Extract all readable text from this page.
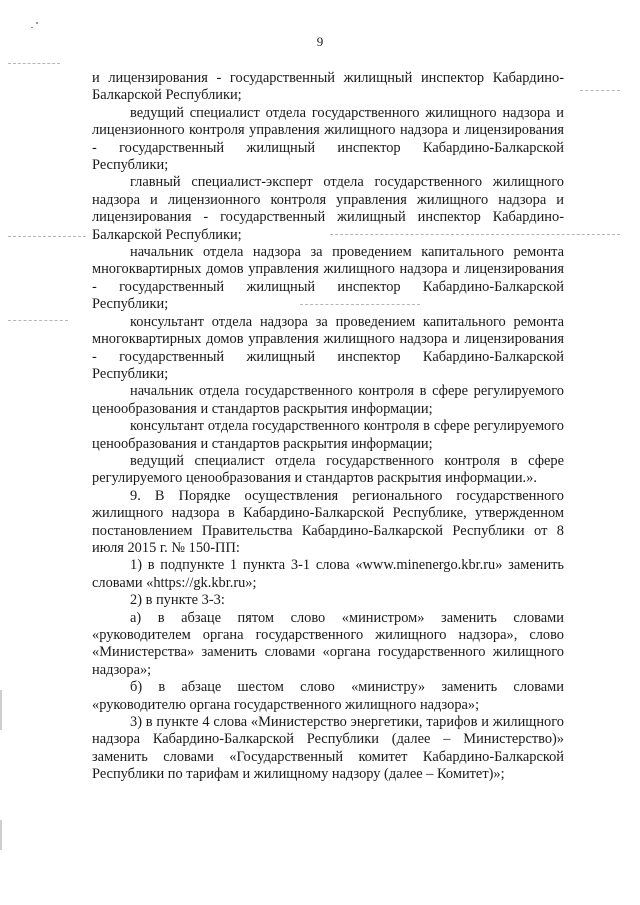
9

и лицензирования - государственный жилищный инспектор Кабардино-Балкарской Республики;

ведущий специалист отдела государственного жилищного надзора и лицензионного контроля управления жилищного надзора и лицензирования - государственный жилищный инспектор Кабардино-Балкарской Республики;

главный специалист-эксперт отдела государственного жилищного надзора и лицензионного контроля управления жилищного надзора и лицензирования - государственный жилищный инспектор Кабардино-Балкарской Республики;

начальник отдела надзора за проведением капитального ремонта многоквартирных домов управления жилищного надзора и лицензирования - государственный жилищный инспектор Кабардино-Балкарской Республики;

консультант отдела надзора за проведением капитального ремонта многоквартирных домов управления жилищного надзора и лицензирования - государственный жилищный инспектор Кабардино-Балкарской Республики;

начальник отдела государственного контроля в сфере регулируемого ценообразования и стандартов раскрытия информации;

консультант отдела государственного контроля в сфере регулируемого ценообразования и стандартов раскрытия информации;

ведущий специалист отдела государственного контроля в сфере регулируемого ценообразования и стандартов раскрытия информации.».

9. В Порядке осуществления регионального государственного жилищного надзора в Кабардино-Балкарской Республике, утвержденном постановлением Правительства Кабардино-Балкарской Республики от 8 июля 2015 г. № 150-ПП:

1) в подпункте 1 пункта 3-1 слова «www.minenergo.kbr.ru» заменить словами «https://gk.kbr.ru»;

2) в пункте 3-3:

а) в абзаце пятом слово «министром» заменить словами «руководителем органа государственного жилищного надзора», слово «Министерства» заменить словами «органа государственного жилищного надзора»;

б) в абзаце шестом слово «министру» заменить словами «руководителю органа государственного жилищного надзора»;

3) в пункте 4 слова «Министерство энергетики, тарифов и жилищного надзора Кабардино-Балкарской Республики (далее – Министерство)» заменить словами «Государственный комитет Кабардино-Балкарской Республики по тарифам и жилищному надзору (далее – Комитет)»;
